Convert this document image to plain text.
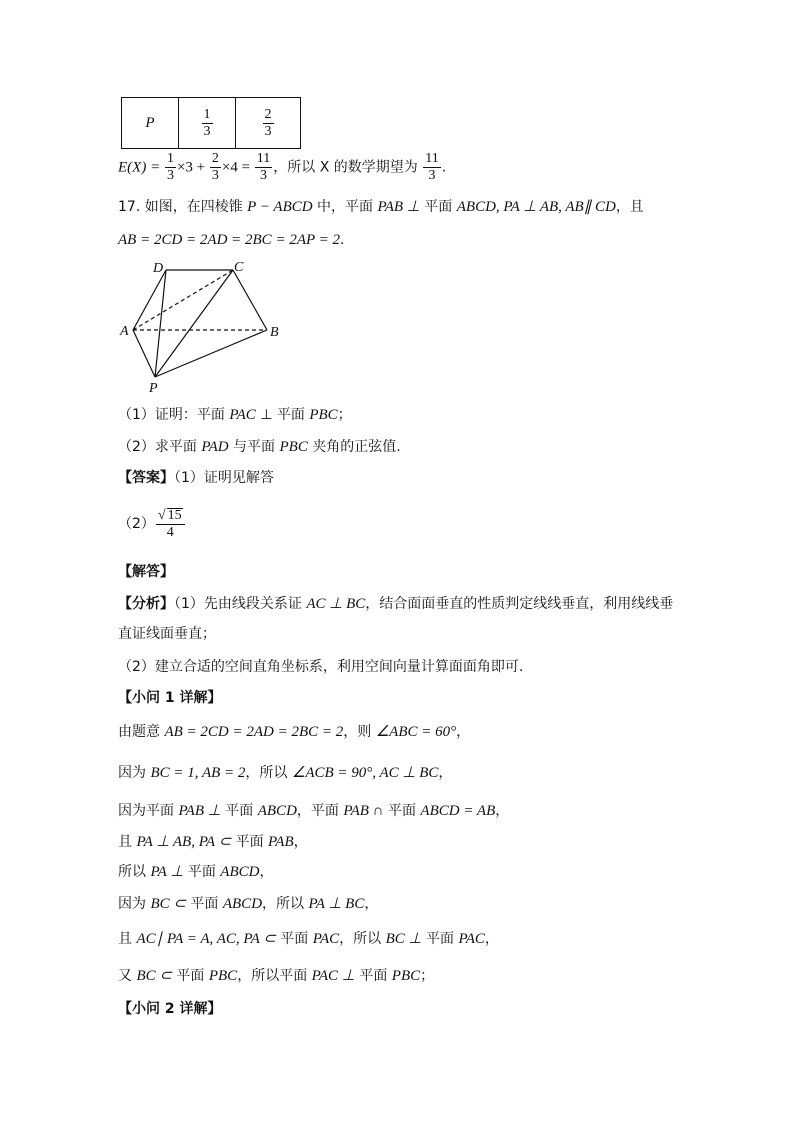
P	$\frac{1}{3}$	$\frac{2}{3}$
$E(X) = \frac{1}{3} \times 3 + \frac{2}{3} \times 4 = \frac{11}{3}$ ，所以 X 的数学期望为 $\frac{11}{3}$ .
17. 如图，在四棱锥 P − ABCD 中，平面 PAB ⊥ 平面 ABCD, PA ⊥ AB, AB∥ CD，且
AB = 2CD = 2AD = 2BC = 2AP = 2.
D	C
A	B
P
（1）证明：平面 PAC ⊥ 平面 PBC；
（2）求平面 PAD 与平面 PBC 夹角的正弦值.
【答案】（1）证明见解答
$(2) \frac{√ 15}{4}$
【解答】
【分析】（1）先由线段关系证 AC ⊥ BC，结合面面垂直的性质判定线线垂直，利用线线垂
直证线面垂直；
（2）建立合适的空间直角坐标系，利用空间向量计算面面角即可.
【小问 1 详解】
由题意 AB = 2CD = 2AD = 2BC = 2，则 ∠ABC = 60°，
因为 BC = 1, AB = 2，所以 ∠ACB = 90°, AC ⊥ BC，
因为平面 PAB ⊥ 平面 ABCD，平面 PAB ∩ 平面 ABCD = AB，
且 PA ⊥ AB, PA ⊂ 平面 PAB，
所以 PA ⊥ 平面 ABCD，
因为 BC ⊂ 平面 ABCD，所以 PA ⊥ BC，
且 AC∣ PA = A, AC, PA ⊂ 平面 PAC，所以 BC ⊥ 平面 PAC，
又 BC ⊂ 平面 PBC，所以平面 PAC ⊥ 平面 PBC；
【小问 2 详解】
